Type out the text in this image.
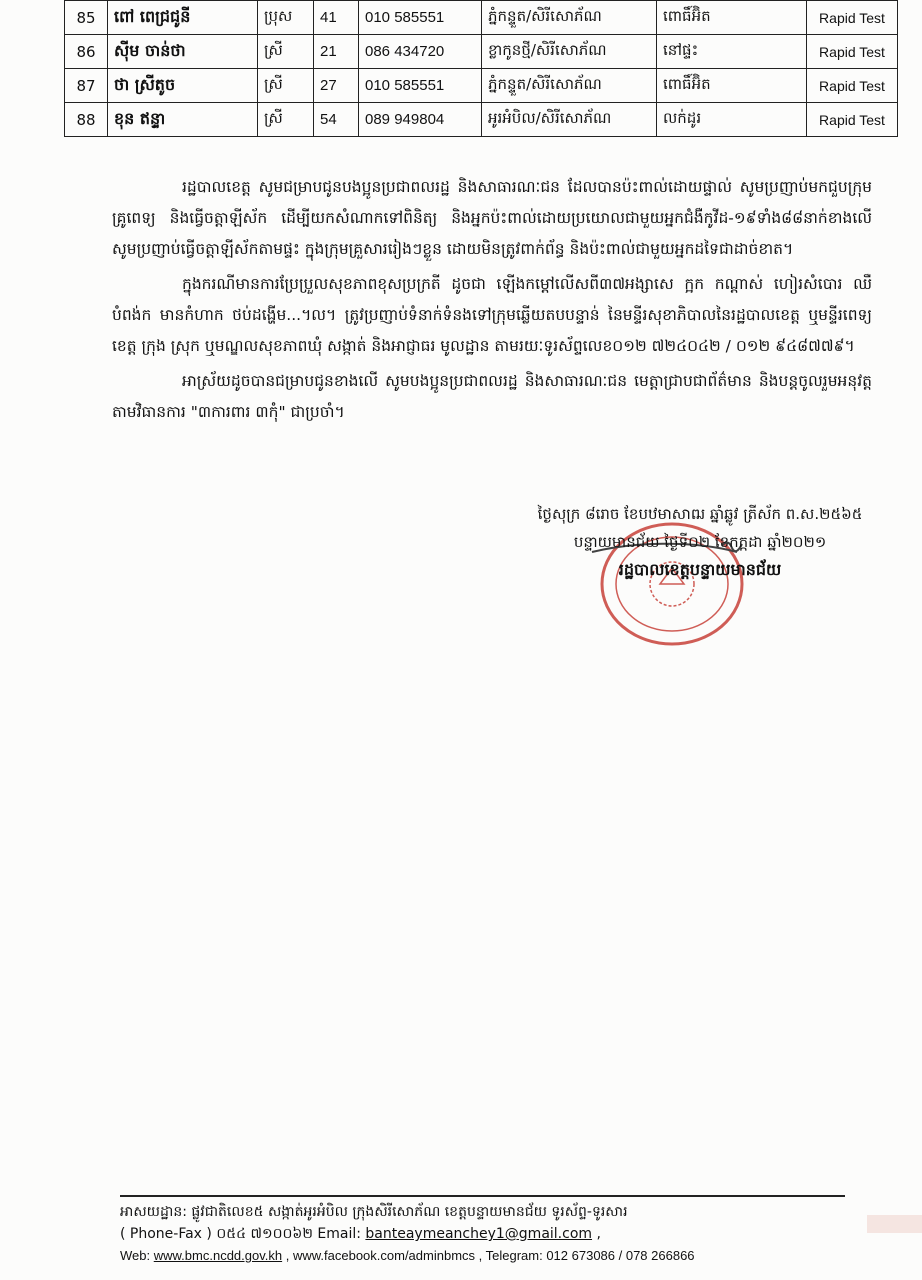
85	ពៅ ពេជ្រជូនី	ប្រុស	41	010 585551	ភ្នំកន្ទួត/សិរីសោភ័ណ	ពោធិ៍អ៊ិត	Rapid Test
86	ស៊ីម ចាន់ថា	ស្រី	21	086 434720	ខ្លាកូនថ្មី/សិរីសោភ័ណ	នៅផ្ទះ	Rapid Test
87	ថា ស្រីតូច	ស្រី	27	010 585551	ភ្នំកន្ទួត/សិរីសោភ័ណ	ពោធិ៍អ៊ិត	Rapid Test
88	ខុន ឥន្ទា	ស្រី	54	089 949804	អូរអំបិល/សិរីសោភ័ណ	លក់ដូរ	Rapid Test

រដ្ឋបាលខេត្ត សូមជម្រាបជូនបងប្អូនប្រជាពលរដ្ឋ និងសាធារណៈជន ដែលបានប៉ះពាល់ដោយផ្ទាល់ សូមប្រញាប់មកជួបក្រុមគ្រូពេទ្យ និងធ្វើចត្តាឡីស័ក ដើម្បីយកសំណាកទៅពិនិត្យ និងអ្នកប៉ះពាល់ដោយប្រយោលជាមួយអ្នកជំងឺកូវីដ-១៩ទាំង៨៨នាក់ខាងលើ សូមប្រញាប់ធ្វើចត្តាឡីស័កតាមផ្ទះ ក្នុងក្រុមគ្រួសាររៀងៗខ្លួន ដោយមិនត្រូវពាក់ព័ន្ធ និងប៉ះពាល់ជាមួយអ្នកដទៃជាដាច់ខាត។

ក្នុងករណីមានការប្រែប្រួលសុខភាពខុសប្រក្រតី ដូចជា ឡើងកម្តៅលើសពី៣៧អង្សាសេ ក្អក កណ្តាស់ ហៀរសំបោរ ឈឺបំពង់ក មានកំហាក ថប់ដង្ហើម...។ល។ ត្រូវប្រញាប់ទំនាក់ទំនងទៅក្រុមឆ្លើយតបបន្ទាន់ នៃមន្ទីរសុខាភិបាលនៃរដ្ឋបាលខេត្ត ឬមន្ទីរពេទ្យខេត្ត ក្រុង ស្រុក ឬមណ្ឌលសុខភាពឃុំ សង្កាត់ និងអាជ្ញាធរ មូលដ្ឋាន តាមរយៈទូរស័ព្ទលេខ០១២ ៧២៤០៤២ / ០១២ ៩៤៨៧៧៩។

អាស្រ័យដូចបានជម្រាបជូនខាងលើ សូមបងប្អូនប្រជាពលរដ្ឋ និងសាធារណៈជន មេត្តាជ្រាបជាព័ត៌មាន និងបន្តចូលរួមអនុវត្តតាមវិធានការ "៣ការពារ ៣កុំ" ជាប្រចាំ។

ថ្ងៃសុក្រ ៨រោច ខែបឋមាសាឍ ឆ្នាំឆ្លូវ ត្រីស័ក ព.ស.២៥៦៥
បន្ទាយមានជ័យ ថ្ងៃទី០២ ខែកក្កដា ឆ្នាំ២០២១
រដ្ឋបាលខេត្តបន្ទាយមានជ័យ
អាសយដ្ឋាន: ផ្លូវជាតិលេខ៥ សង្កាត់អូរអំបិល ក្រុងសិរីសោភ័ណ ខេត្តបន្ទាយមានជ័យ ទូរស័ព្ទ-ទូរសារ
( Phone-Fax ) ០៥៤ ៧១០០៦២ Email: banteaymeanchey1@gmail.com ,
Web: www.bmc.ncdd.gov.kh , www.facebook.com/adminbmcs , Telegram: 012 673086 / 078 266866
